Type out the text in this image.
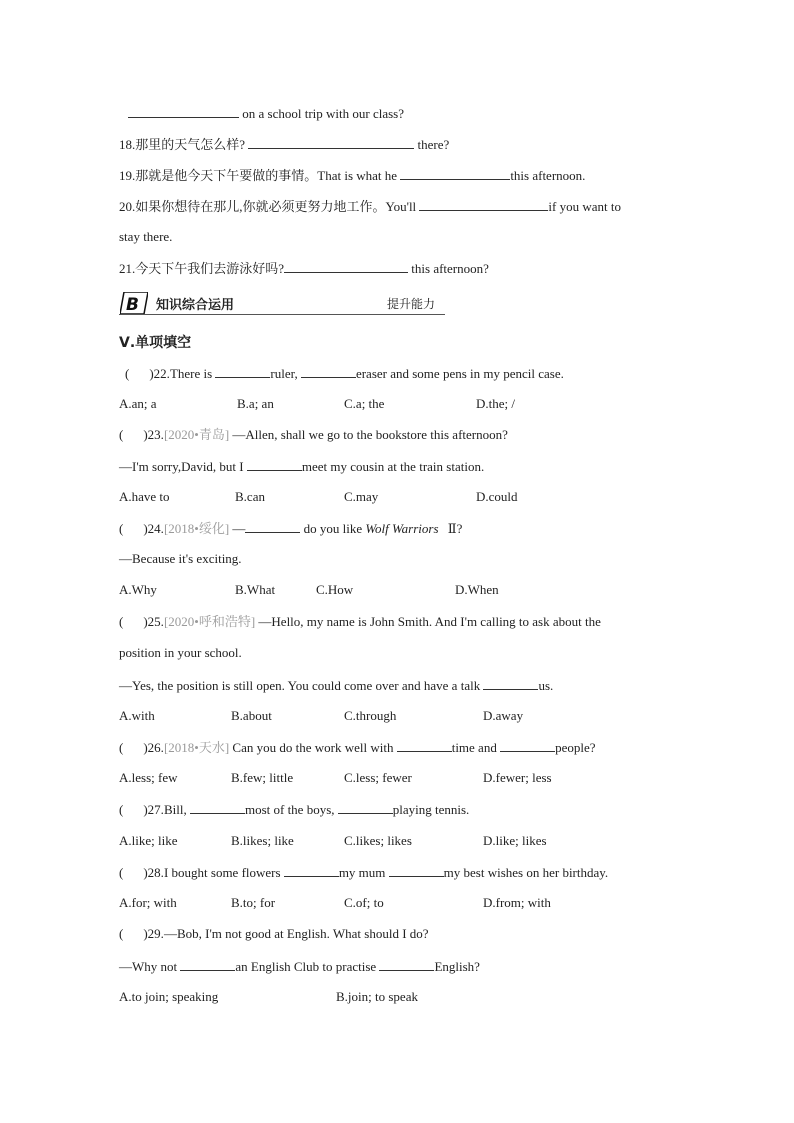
on a school trip with our class?
18.那里的天气怎么样?	there?
19.那就是他今天下午要做的事情。That is what he	this afternoon.
20.如果你想待在那儿,你就必须更努力地工作。You'll	if you want to
stay there.
21.今天下午我们去游泳好吗?	this afternoon?
B 知识综合运用	提升能力
Ⅴ.单项填空
( )22.There is	ruler,	eraser and some pens in my pencil case.
A.an; a	B.a; an	C.a; the	D.the; /
( )23.[2020•青岛] —Allen, shall we go to the bookstore this afternoon?
—I'm sorry,David, but I	meet my cousin at the train station.
A.have to	B.can	C.may	D.could
( )24.[2018•绥化] —	do you like Wolf Warriors Ⅱ?
—Because it's exciting.
A.Why	B.What	C.How	D.When
( )25.[2020•呼和浩特] —Hello, my name is John Smith. And I'm calling to ask about the
position in your school.
—Yes, the position is still open. You could come over and have a talk	us.
A.with	B.about	C.through	D.away
( )26.[2018•天水] Can you do the work well with	time and	people?
A.less; few	B.few; little	C.less; fewer	D.fewer; less
( )27.Bill,	most of the boys,	playing tennis.
A.like; like	B.likes; like	C.likes; likes	D.like; likes
( )28.I bought some flowers	my mum	my best wishes on her birthday.
A.for; with	B.to; for	C.of; to	D.from; with
( )29.—Bob, I'm not good at English. What should I do?
—Why not	an English Club to practise	English?
A.to join; speaking	B.join; to speak
